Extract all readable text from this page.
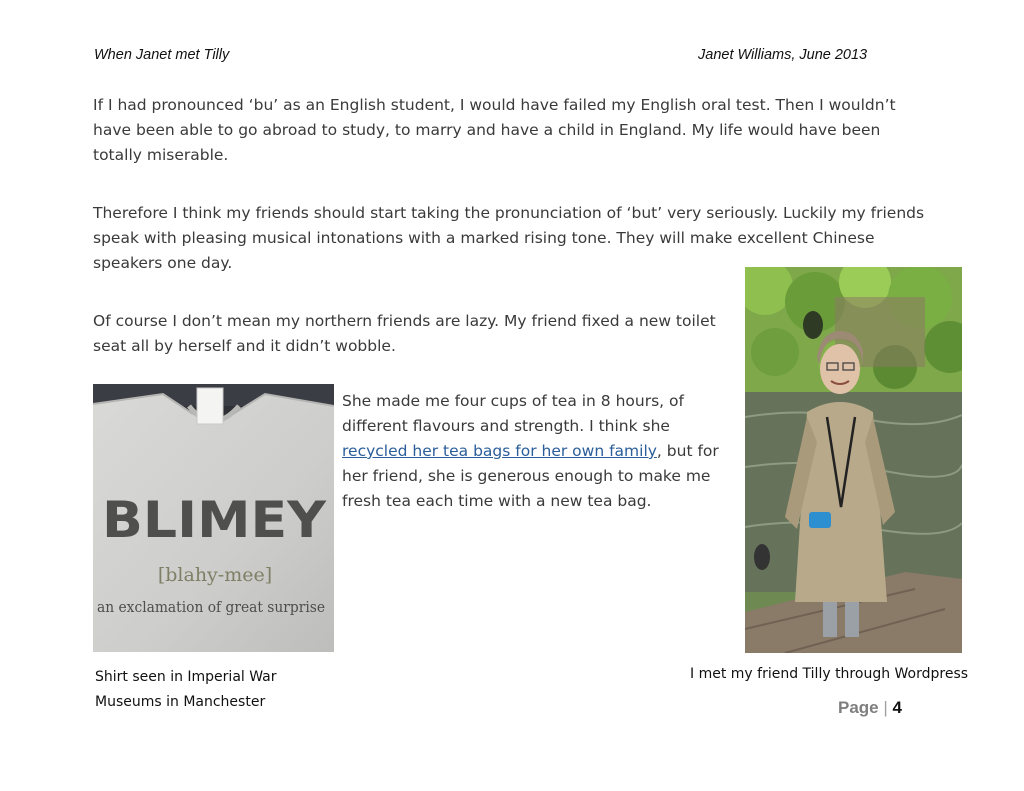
When Janet met Tilly	Janet Williams, June 2013

If I had pronounced ‘bu’ as an English student, I would have failed my English oral test. Then I wouldn’t have been able to go abroad to study, to marry and have a child in England. My life would have been totally miserable.

Therefore I think my friends should start taking the pronunciation of ‘but’ very seriously. Luckily my friends speak with pleasing musical intonations with a marked rising tone. They will make excellent Chinese speakers one day.

Of course I don’t mean my northern friends are lazy. My friend fixed a new toilet seat all by herself and it didn’t wobble.

She made me four cups of tea in 8 hours, of different flavours and strength. I think she recycled her tea bags for her own family, but for her friend, she is generous enough to make me fresh tea each time with a new tea bag.

BLIMEY
[blahy-mee]
an exclamation of great surprise

Shirt seen in Imperial War
Museums in Manchester

I met my friend Tilly through Wordpress

Page | 4
